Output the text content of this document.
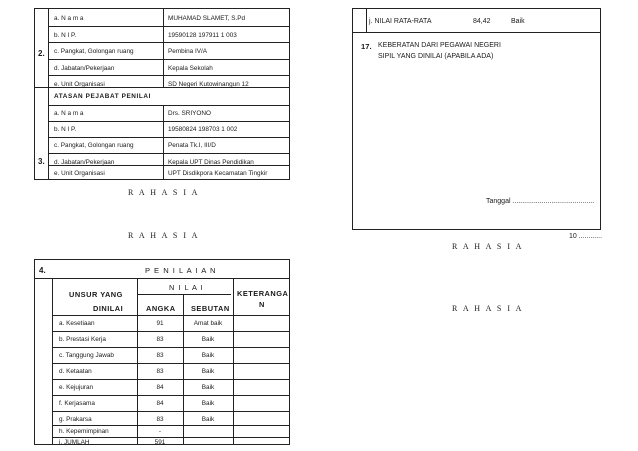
2.
a. N a m a	MUHAMAD SLAMET, S.Pd
b. N I P.	19590128 197911 1 003
c. Pangkat, Golongan ruang	Pembina IV/A
d. Jabatan/Pekerjaan	Kepala Sekolah
e. Unit Organisasi	SD Negeri Kutowinangun 12
ATASAN PEJABAT PENILAI
3.
a. N a m a	Drs. SRIYONO
b. N I P.	19580824 198703 1 002
c. Pangkat, Golongan ruang	Penata Tk.I, III/D
d. Jabatan/Pekerjaan	Kepala UPT Dinas Pendidikan
e. Unit Organisasi	UPT Disdikpora Kecamatan Tingkir
R A H A S I A
R A H A S I A
j. NILAI RATA-RATA	84,42	Baik
17. KEBERATAN DARI PEGAWAI NEGERI
SIPIL YANG DINILAI (APABILA ADA)
Tanggal ..........................................
10 ............
R A H A S I A
R A H A S I A
4.	P E N I L A I A N
UNSUR YANG
DINILAI
N I L A I
ANGKA SEBUTAN
KETERANGA
N
a. Kesetiaan	91	Amat baik
b. Prestasi Kerja	83	Baik
c. Tanggung Jawab	83	Baik
d. Ketaatan	83	Baik
e. Kejujuran	84	Baik
f. Kerjasama	84	Baik
g. Prakarsa	83	Baik
h. Kepemimpinan	-
i. JUMLAH	591
